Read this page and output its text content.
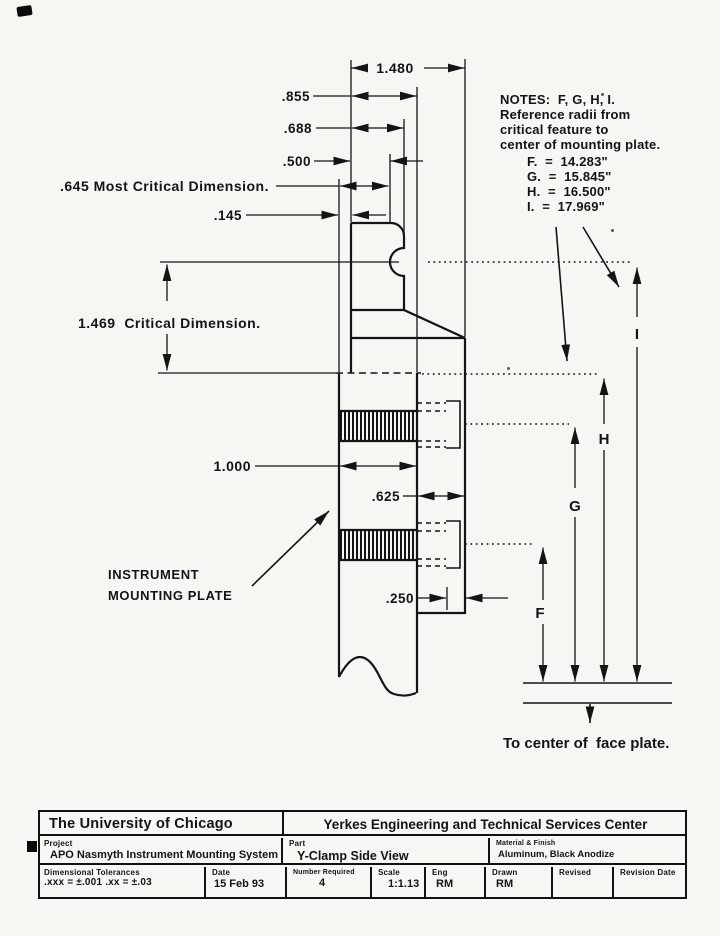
1.480
.855
.688
.500
.645 Most Critical Dimension.
.145
1.469  Critical Dimension.
1.000
.625
.250
NOTES:  F, G, H, I.
Reference radii from
critical feature to
center of mounting plate.
F.  =  14.283"
G.  =  15.845"
H.  =  16.500"
I.  =  17.969"
F
G
H
I
To center of face plate.
INSTRUMENT
MOUNTING PLATE
The University of Chicago	Yerkes Engineering and Technical Services Center
Project
APO Nasmyth Instrument Mounting System
Part
Y-Clamp Side View
Material & Finish
Aluminum, Black Anodize
Dimensional Tolerances
.xxx = ±.001 .xx = ±.03
Date
15 Feb 93
Number Required
4
Scale
1:1.13
Eng
RM
Drawn
RM
Revised	Revision Date
